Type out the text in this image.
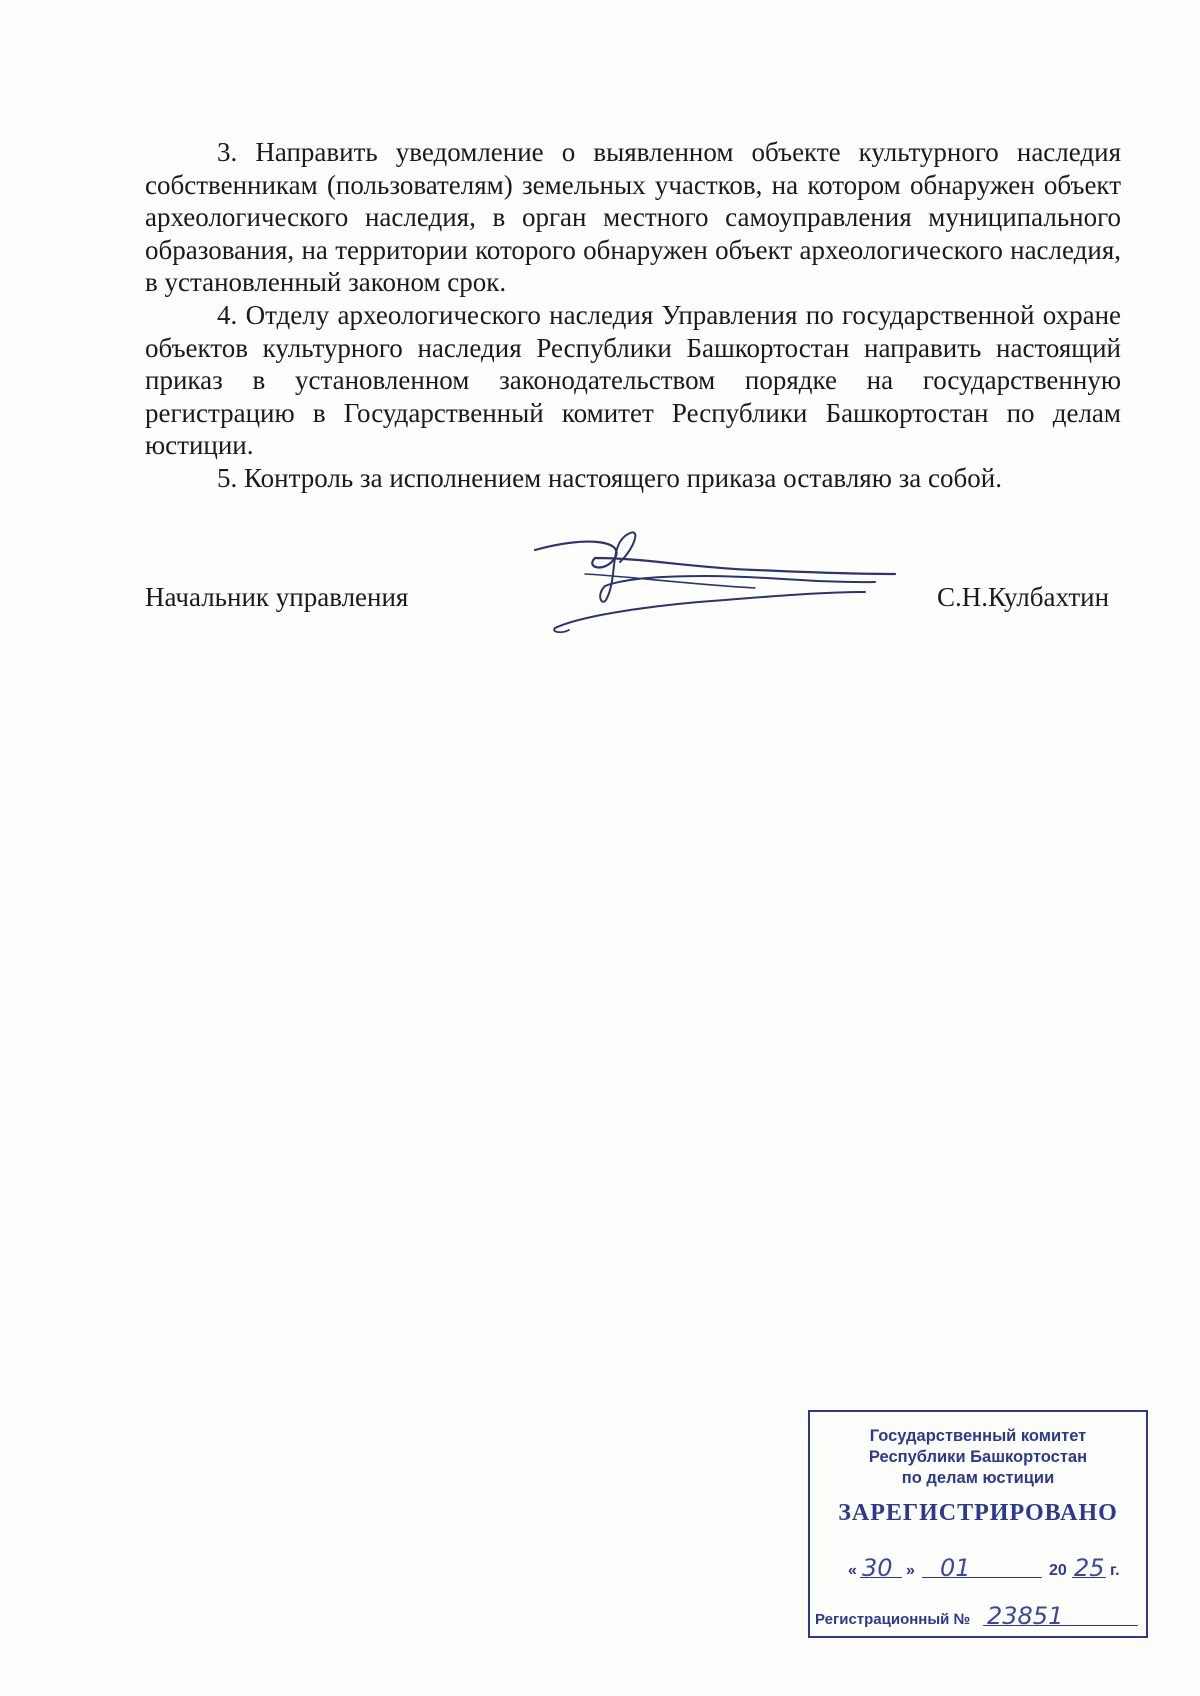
3. Направить уведомление о выявленном объекте культурного наследия собственникам (пользователям) земельных участков, на котором обнаружен объект археологического наследия, в орган местного самоуправления муниципального образования, на территории которого обнаружен объект археологического наследия, в установленный законом срок.

4. Отделу археологического наследия Управления по государственной охране объектов культурного наследия Республики Башкортостан направить настоящий приказ в установленном законодательством порядке на государственную регистрацию в Государственный комитет Республики Башкортостан по делам юстиции.

5. Контроль за исполнением настоящего приказа оставляю за собой.

Начальник управления	С.Н.Кулбахтин
Государственный комитет
Республики Башкортостан
по делам юстиции
ЗАРЕГИСТРИРОВАНО
« 30 » 01	20 25 г.
Регистрационный № 23851
